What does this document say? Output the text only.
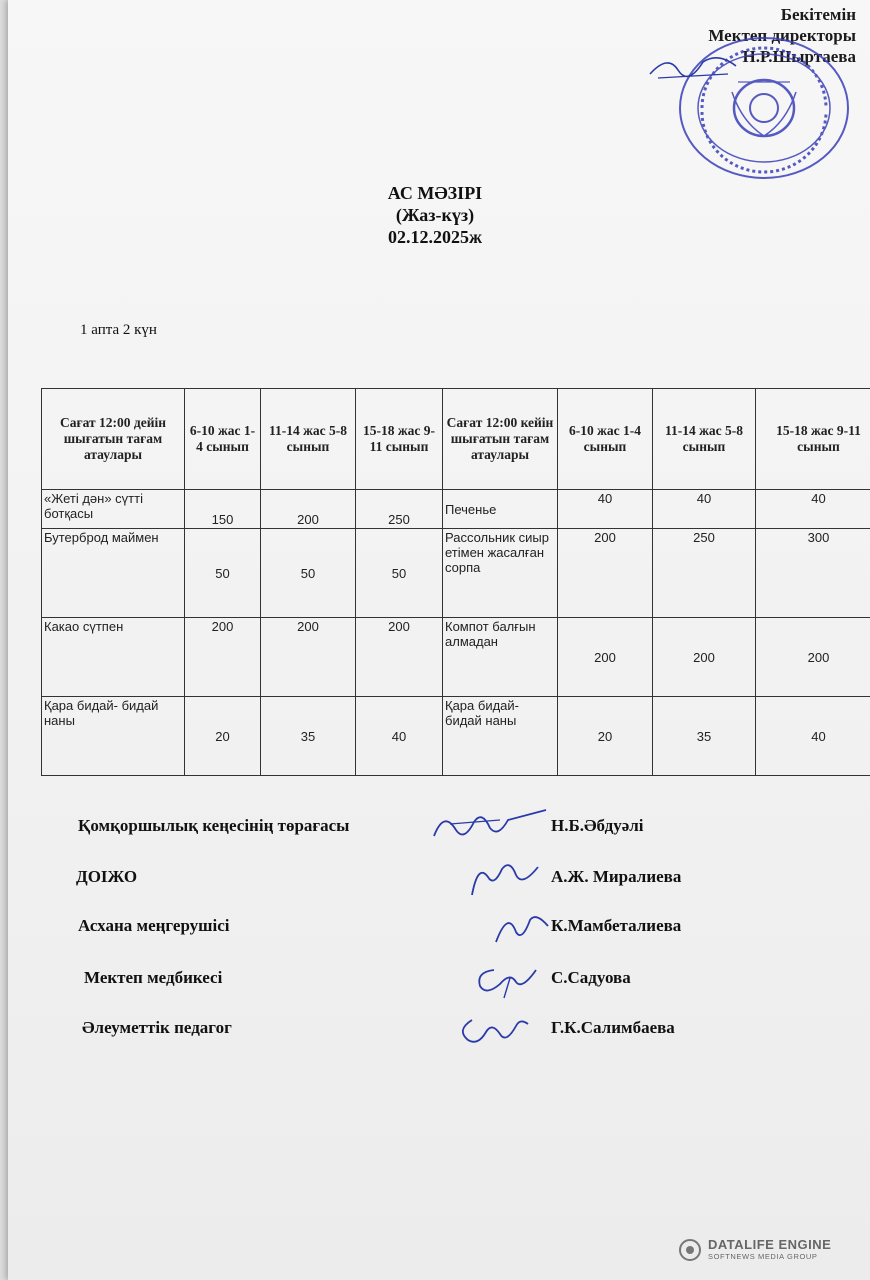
Бекітемін
Мектеп директоры
Н.Р.Шыртаева
АС МӘЗІРІ
(Жаз-күз)
02.12.2025ж
1 апта 2 күн
Сағат 12:00 дейін шығатын тағам атаулары	6-10 жас 1-4 сынып	11-14 жас 5-8 сынып	15-18 жас 9-11 сынып	Сағат 12:00 кейін шығатын тағам атаулары	6-10 жас 1-4 сынып	11-14 жас 5-8 сынып	15-18 жас 9-11 сынып
«Жеті дән» сүтті ботқасы	150	200	250	Печенье	40	40	40
Бутерброд маймен	50	50	50	Рассольник сиыр етімен жасалған сорпа	200	250	300
Какао сүтпен	200	200	200	Компот балғын алмадан	200	200	200
Қара бидай- бидай наны	20	35	40	Қара бидай- бидай наны	20	35	40
Қомқоршылық кеңесінің төрағасы	Н.Б.Әбдуәлі
ДОІЖО	А.Ж. Миралиева
Асхана меңгерушісі	К.Мамбеталиева
Мектеп медбикесі	С.Садуова
Әлеуметтік педагог	Г.К.Салимбаева
DATALIFE ENGINE
SOFTNEWS MEDIA GROUP
